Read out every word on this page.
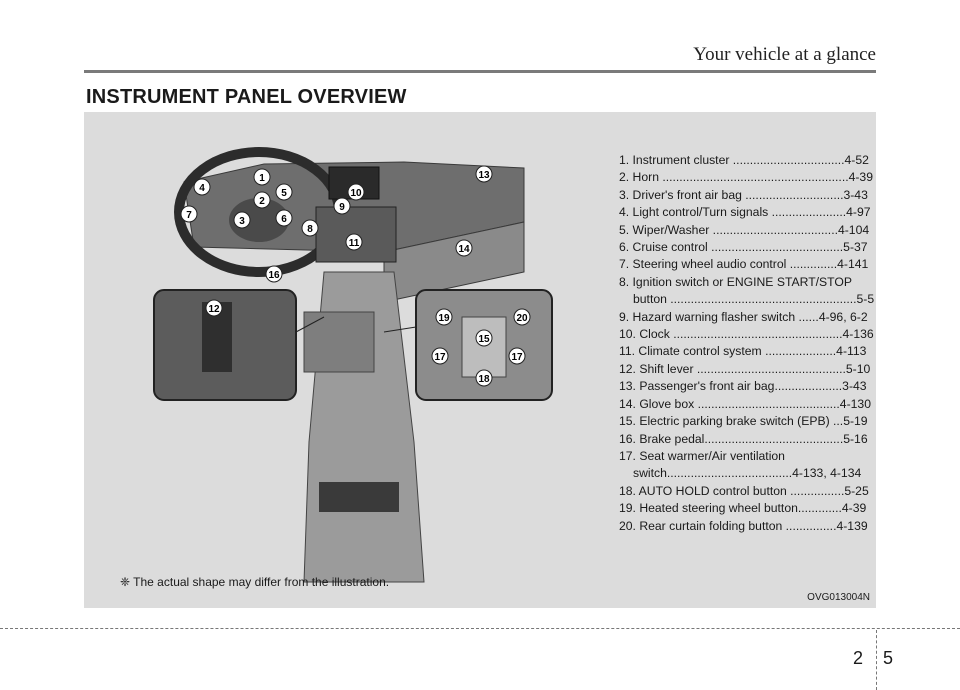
Your vehicle at a glance
INSTRUMENT PANEL OVERVIEW
1
2
3
4	5
6
7
8
9
10
11
12
13
14
15
16
17	17
18
19	20
1. Instrument cluster .................................4-52
2. Horn .......................................................4-39
3. Driver's front air bag .............................3-43
4. Light control/Turn signals ......................4-97
5. Wiper/Washer .....................................4-104
6. Cruise control .......................................5-37
7. Steering wheel audio control ..............4-141
8. Ignition switch or ENGINE START/STOP
button .......................................................5-5
9. Hazard warning flasher switch ......4-96, 6-2
10. Clock ..................................................4-136
11. Climate control system .....................4-113
12. Shift lever ............................................5-10
13. Passenger's front air bag....................3-43
14. Glove box ..........................................4-130
15. Electric parking brake switch (EPB) ...5-19
16. Brake pedal.........................................5-16
17. Seat warmer/Air ventilation
switch.....................................4-133, 4-134
18. AUTO HOLD control button ................5-25
19. Heated steering wheel button.............4-39
20. Rear curtain folding button ...............4-139
❈ The actual shape may differ from the illustration.
OVG013004N
2 5
